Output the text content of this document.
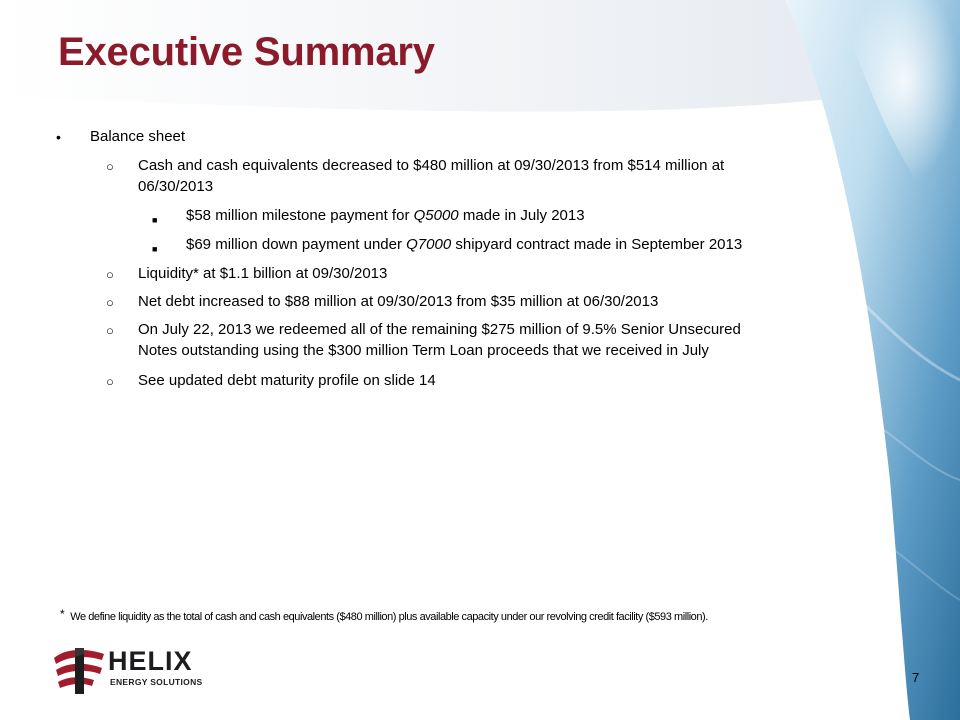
Executive Summary
• Balance sheet
○ Cash and cash equivalents decreased to $480 million at 09/30/2013 from $514 million at
06/30/2013
■ $58 million milestone payment for Q5000 made in July 2013
■ $69 million down payment under Q7000 shipyard contract made in September 2013
○ Liquidity* at $1.1 billion at 09/30/2013
○ Net debt increased to $88 million at 09/30/2013 from $35 million at 06/30/2013
○ On July 22, 2013 we redeemed all of the remaining $275 million of 9.5% Senior Unsecured
Notes outstanding using the $300 million Term Loan proceeds that we received in July
○ See updated debt maturity profile on slide 14
* We define liquidity as the total of cash and cash equivalents ($480 million) plus available capacity under our revolving credit facility ($593 million).
HELIX
ENERGY SOLUTIONS	7
